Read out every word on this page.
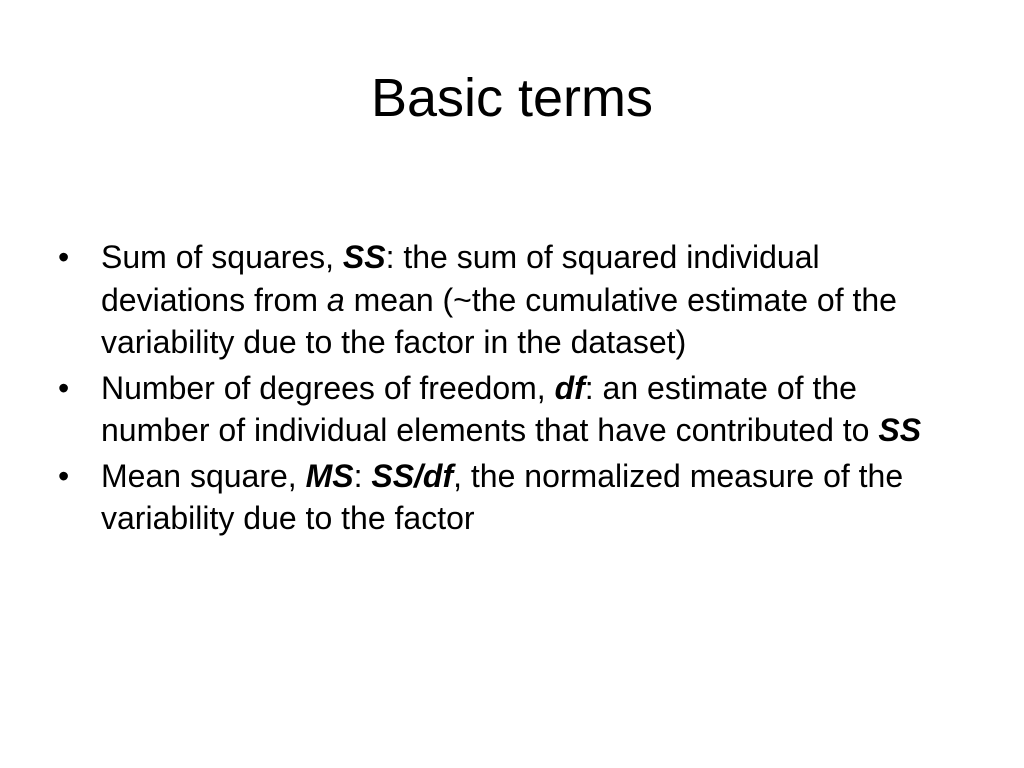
Basic terms
• Sum of squares, SS: the sum of squared individual deviations from a mean (~the cumulative estimate of the variability due to the factor in the dataset)
• Number of degrees of freedom, df: an estimate of the number of individual elements that have contributed to SS
• Mean square, MS: SS/df, the normalized measure of the variability due to the factor
